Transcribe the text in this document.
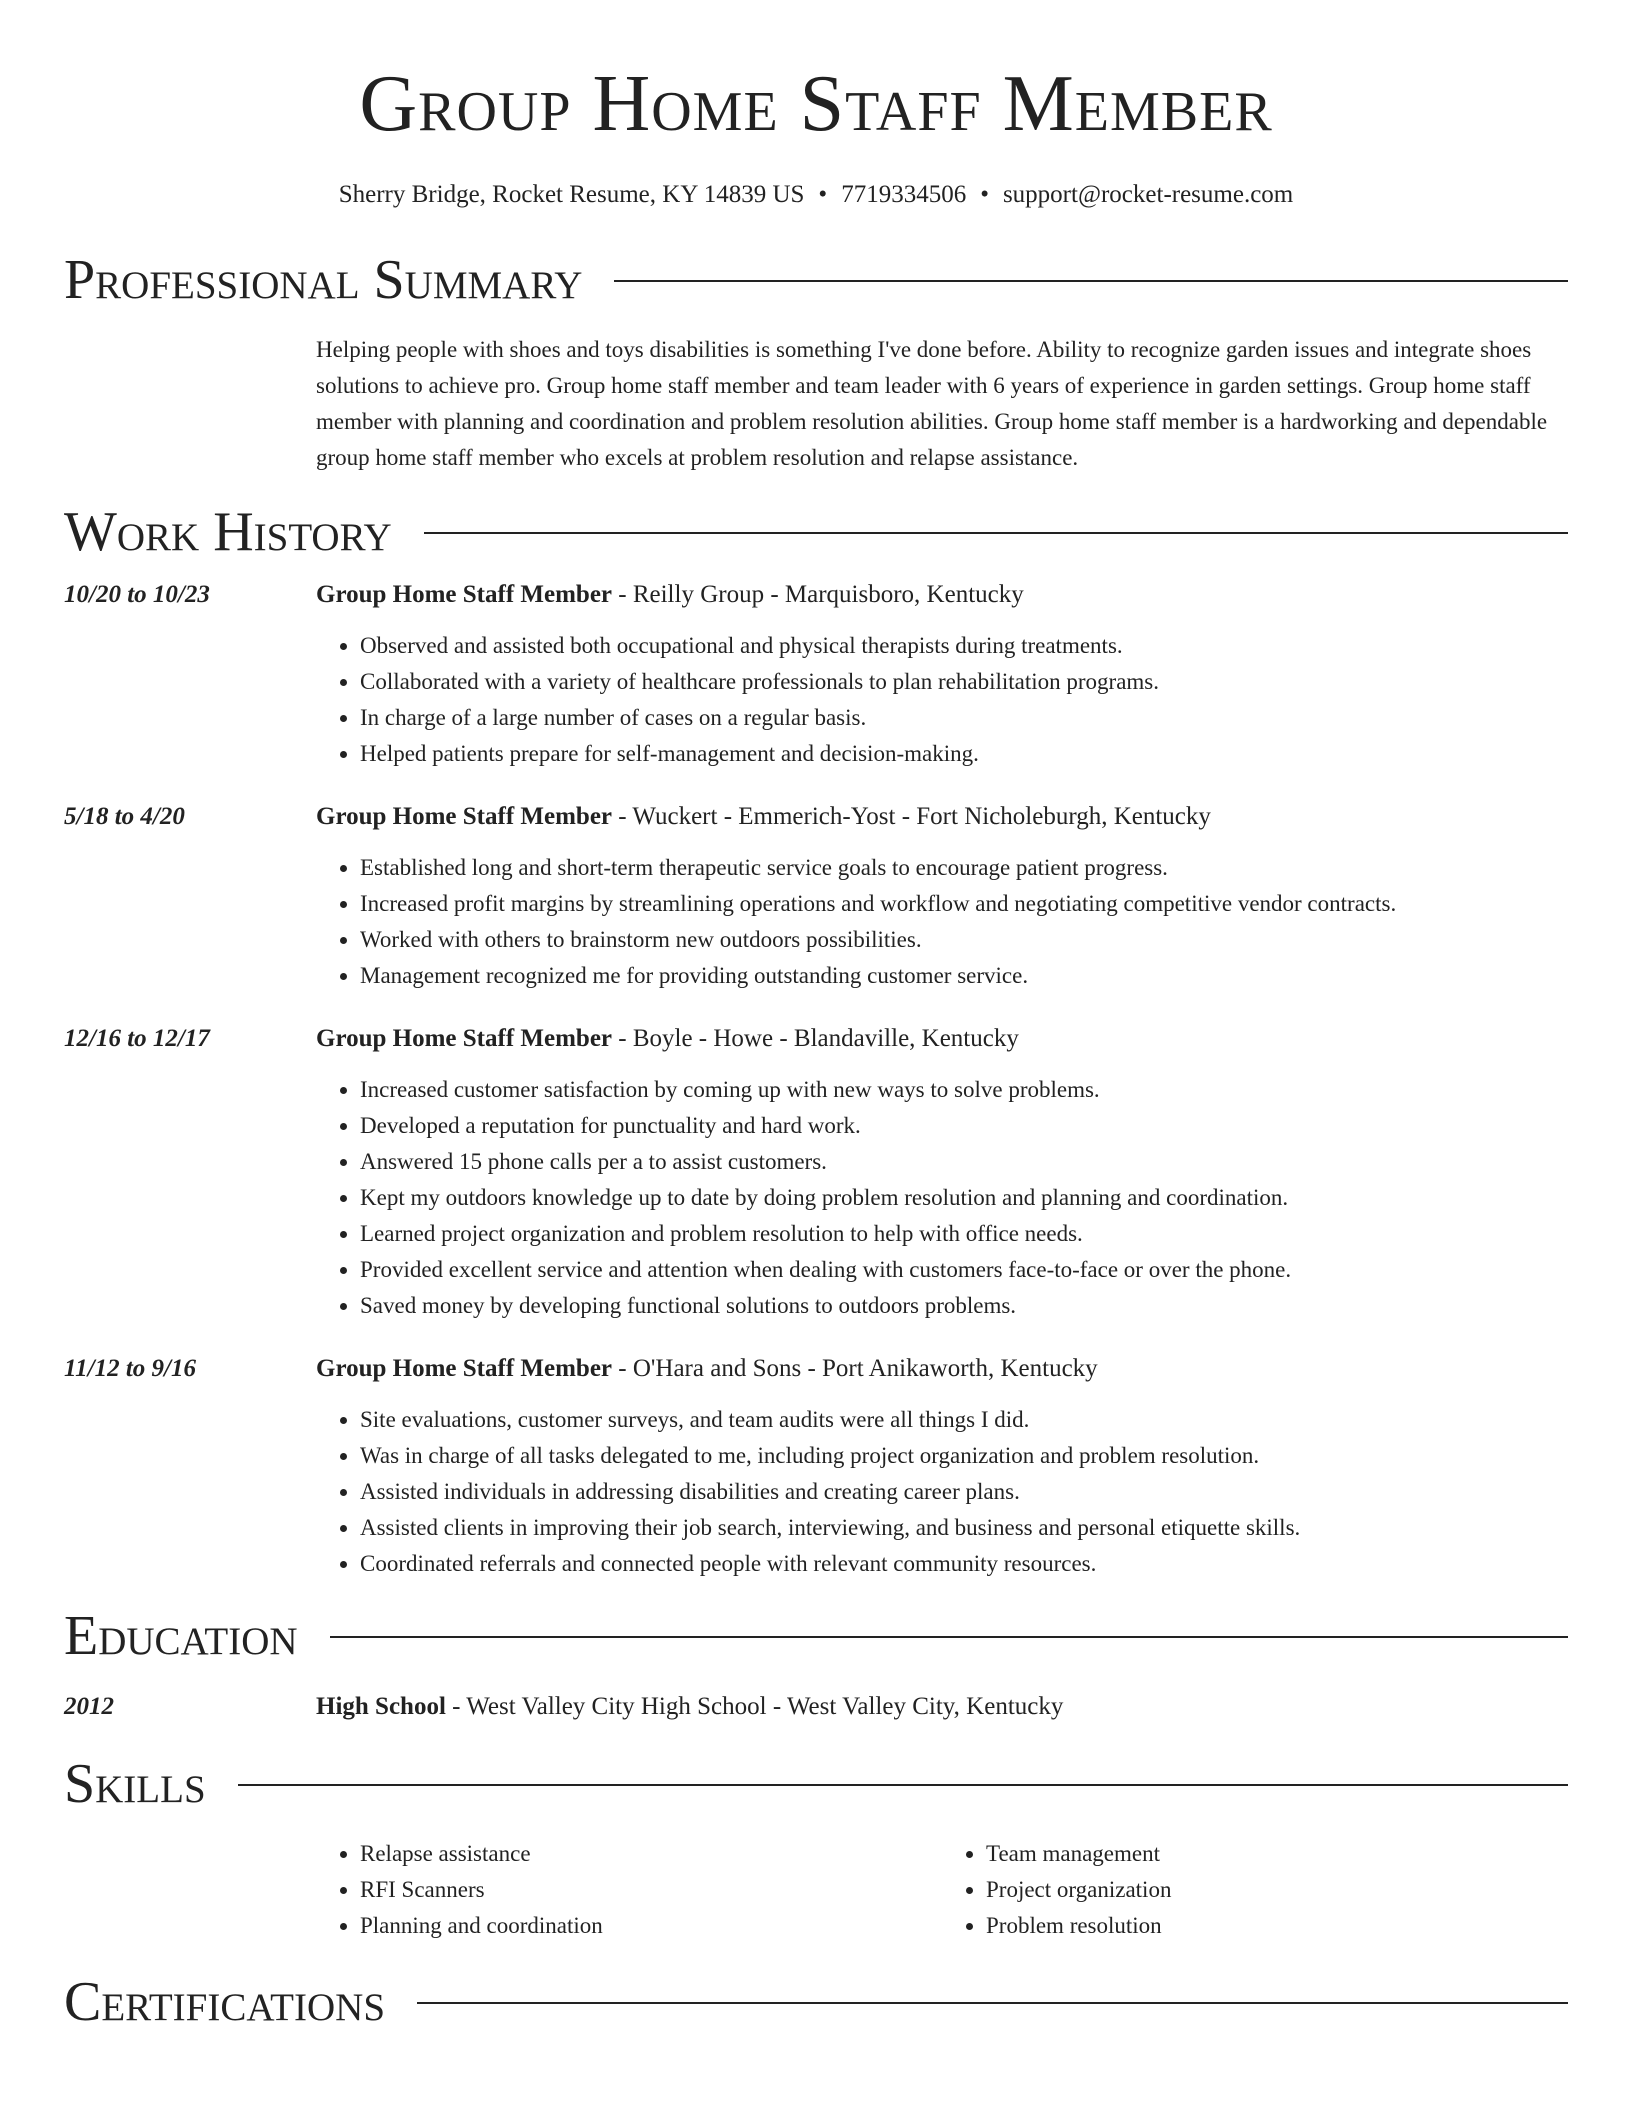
Group Home Staff Member
Sherry Bridge, Rocket Resume, KY 14839 US • 7719334506 • support@rocket-resume.com
Professional Summary
Helping people with shoes and toys disabilities is something I've done before. Ability to recognize garden issues and integrate shoes solutions to achieve pro. Group home staff member and team leader with 6 years of experience in garden settings. Group home staff member with planning and coordination and problem resolution abilities. Group home staff member is a hardworking and dependable group home staff member who excels at problem resolution and relapse assistance.
Work History
10/20 to 10/23	Group Home Staff Member - Reilly Group - Marquisboro, Kentucky
• Observed and assisted both occupational and physical therapists during treatments.
• Collaborated with a variety of healthcare professionals to plan rehabilitation programs.
• In charge of a large number of cases on a regular basis.
• Helped patients prepare for self-management and decision-making.
5/18 to 4/20	Group Home Staff Member - Wuckert - Emmerich-Yost - Fort Nicholeburgh, Kentucky
• Established long and short-term therapeutic service goals to encourage patient progress.
• Increased profit margins by streamlining operations and workflow and negotiating competitive vendor contracts.
• Worked with others to brainstorm new outdoors possibilities.
• Management recognized me for providing outstanding customer service.
12/16 to 12/17	Group Home Staff Member - Boyle - Howe - Blandaville, Kentucky
• Increased customer satisfaction by coming up with new ways to solve problems.
• Developed a reputation for punctuality and hard work.
• Answered 15 phone calls per a to assist customers.
• Kept my outdoors knowledge up to date by doing problem resolution and planning and coordination.
• Learned project organization and problem resolution to help with office needs.
• Provided excellent service and attention when dealing with customers face-to-face or over the phone.
• Saved money by developing functional solutions to outdoors problems.
11/12 to 9/16	Group Home Staff Member - O'Hara and Sons - Port Anikaworth, Kentucky
• Site evaluations, customer surveys, and team audits were all things I did.
• Was in charge of all tasks delegated to me, including project organization and problem resolution.
• Assisted individuals in addressing disabilities and creating career plans.
• Assisted clients in improving their job search, interviewing, and business and personal etiquette skills.
• Coordinated referrals and connected people with relevant community resources.
Education
2012	High School - West Valley City High School - West Valley City, Kentucky
Skills
• Relapse assistance
• RFI Scanners
• Planning and coordination
• Team management
• Project organization
• Problem resolution
Certifications
